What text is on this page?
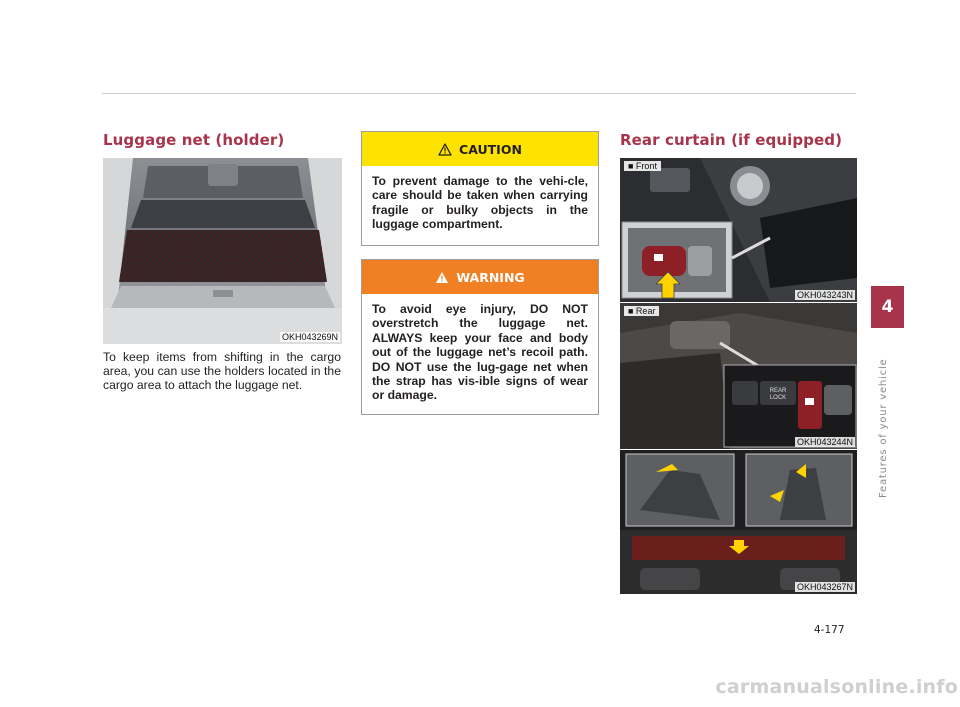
Luggage net (holder)
OKH043269N
To keep items from shifting in the cargo area, you can use the holders located in the cargo area to attach the luggage net.
CAUTION
To prevent damage to the vehi-cle, care should be taken when carrying fragile or bulky objects in the luggage compartment.
WARNING
To avoid eye injury, DO NOT overstretch the luggage net. ALWAYS keep your face and body out of the luggage net’s recoil path. DO NOT use the lug-gage net when the strap has vis-ible signs of wear or damage.
Rear curtain (if equipped)
■ Front
OKH043243N
REAR
LOCK
■ Rear
OKH043244N
OKH043267N
4
Features of your vehicle
4-177
carmanualsonline.info
